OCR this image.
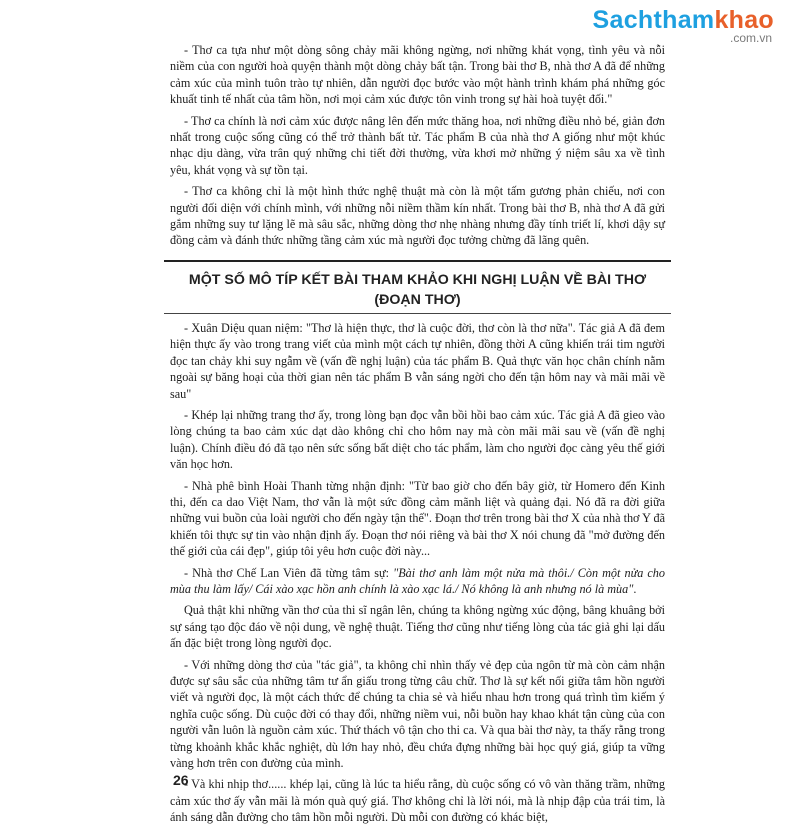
Sachthamkhao
.com.vn

- Thơ ca tựa như một dòng sông chảy mãi không ngừng, nơi những khát vọng, tình yêu và nỗi niềm của con người hoà quyện thành một dòng chảy bất tận. Trong bài thơ B, nhà thơ A đã để những cảm xúc của mình tuôn trào tự nhiên, dẫn người đọc bước vào một hành trình khám phá những góc khuất tinh tế nhất của tâm hồn, nơi mọi cảm xúc được tôn vinh trong sự hài hoà tuyệt đối."

- Thơ ca chính là nơi cảm xúc được nâng lên đến mức thăng hoa, nơi những điều nhỏ bé, giản đơn nhất trong cuộc sống cũng có thể trở thành bất tử. Tác phẩm B của nhà thơ A giống như một khúc nhạc dịu dàng, vừa trân quý những chi tiết đời thường, vừa khơi mở những ý niệm sâu xa về tình yêu, khát vọng và sự tồn tại.

- Thơ ca không chỉ là một hình thức nghệ thuật mà còn là một tấm gương phản chiếu, nơi con người đối diện với chính mình, với những nỗi niềm thầm kín nhất. Trong bài thơ B, nhà thơ A đã gửi gắm những suy tư lặng lẽ mà sâu sắc, những dòng thơ nhẹ nhàng nhưng đầy tính triết lí, khơi dậy sự đồng cảm và đánh thức những tầng cảm xúc mà người đọc tưởng chừng đã lãng quên.

MỘT SỐ MÔ TÍP KẾT BÀI THAM KHẢO KHI NGHỊ LUẬN VỀ BÀI THƠ
(ĐOẠN THƠ)

- Xuân Diệu quan niệm: "Thơ là hiện thực, thơ là cuộc đời, thơ còn là thơ nữa". Tác giả A đã đem hiện thực ấy vào trong trang viết của mình một cách tự nhiên, đồng thời A cũng khiến trái tim người đọc tan chảy khi suy ngẫm về (vấn đề nghị luận) của tác phẩm B. Quả thực văn học chân chính nằm ngoài sự băng hoại của thời gian nên tác phẩm B vẫn sáng ngời cho đến tận hôm nay và mãi mãi về sau"

- Khép lại những trang thơ ấy, trong lòng bạn đọc vẫn bồi hồi bao cảm xúc. Tác giả A đã gieo vào lòng chúng ta bao cảm xúc dạt dào không chỉ cho hôm nay mà còn mãi mãi sau về (vấn đề nghị luận). Chính điều đó đã tạo nên sức sống bất diệt cho tác phẩm, làm cho người đọc càng yêu thế giới văn học hơn.

- Nhà phê bình Hoài Thanh từng nhận định: "Từ bao giờ cho đến bây giờ, từ Homero đến Kinh thi, đến ca dao Việt Nam, thơ vẫn là một sức đồng cảm mãnh liệt và quảng đại. Nó đã ra đời giữa những vui buồn của loài người cho đến ngày tận thế". Đoạn thơ trên trong bài thơ X của nhà thơ Y đã khiến tôi thực sự tin vào nhận định ấy. Đoạn thơ nói riêng và bài thơ X nói chung đã "mở đường đến thế giới của cái đẹp", giúp tôi yêu hơn cuộc đời này...

- Nhà thơ Chế Lan Viên đã từng tâm sự: "Bài thơ anh làm một nửa mà thôi./ Còn một nửa cho mùa thu làm lấy/ Cái xào xạc hồn anh chính là xào xạc lá./ Nó không là anh nhưng nó là mùa".

Quả thật khi những vần thơ của thi sĩ ngân lên, chúng ta không ngừng xúc động, bâng khuâng bởi sự sáng tạo độc đáo về nội dung, về nghệ thuật. Tiếng thơ cũng như tiếng lòng của tác giả ghi lại dấu ấn đặc biệt trong lòng người đọc.

- Với những dòng thơ của "tác giả", ta không chỉ nhìn thấy vẻ đẹp của ngôn từ mà còn cảm nhận được sự sâu sắc của những tâm tư ẩn giấu trong từng câu chữ. Thơ là sự kết nối giữa tâm hồn người viết và người đọc, là một cách thức để chúng ta chia sẻ và hiểu nhau hơn trong quá trình tìm kiếm ý nghĩa cuộc sống. Dù cuộc đời có thay đổi, những niềm vui, nỗi buồn hay khao khát tận cùng của con người vẫn luôn là nguồn cảm xúc. Thứ thách vô tận cho thi ca. Và qua bài thơ này, ta thấy rằng trong từng khoảnh khắc khắc nghiệt, dù lớn hay nhỏ, đều chứa đựng những bài học quý giá, giúp ta vững vàng hơn trên con đường của mình.

- Và khi nhịp thơ...... khép lại, cũng là lúc ta hiểu rằng, dù cuộc sống có vô vàn thăng trầm, những cảm xúc thơ ấy vẫn mãi là món quà quý giá. Thơ không chỉ là lời nói, mà là nhịp đập của trái tim, là ánh sáng dẫn đường cho tâm hồn mỗi người. Dù mỗi con đường có khác biệt,

26
